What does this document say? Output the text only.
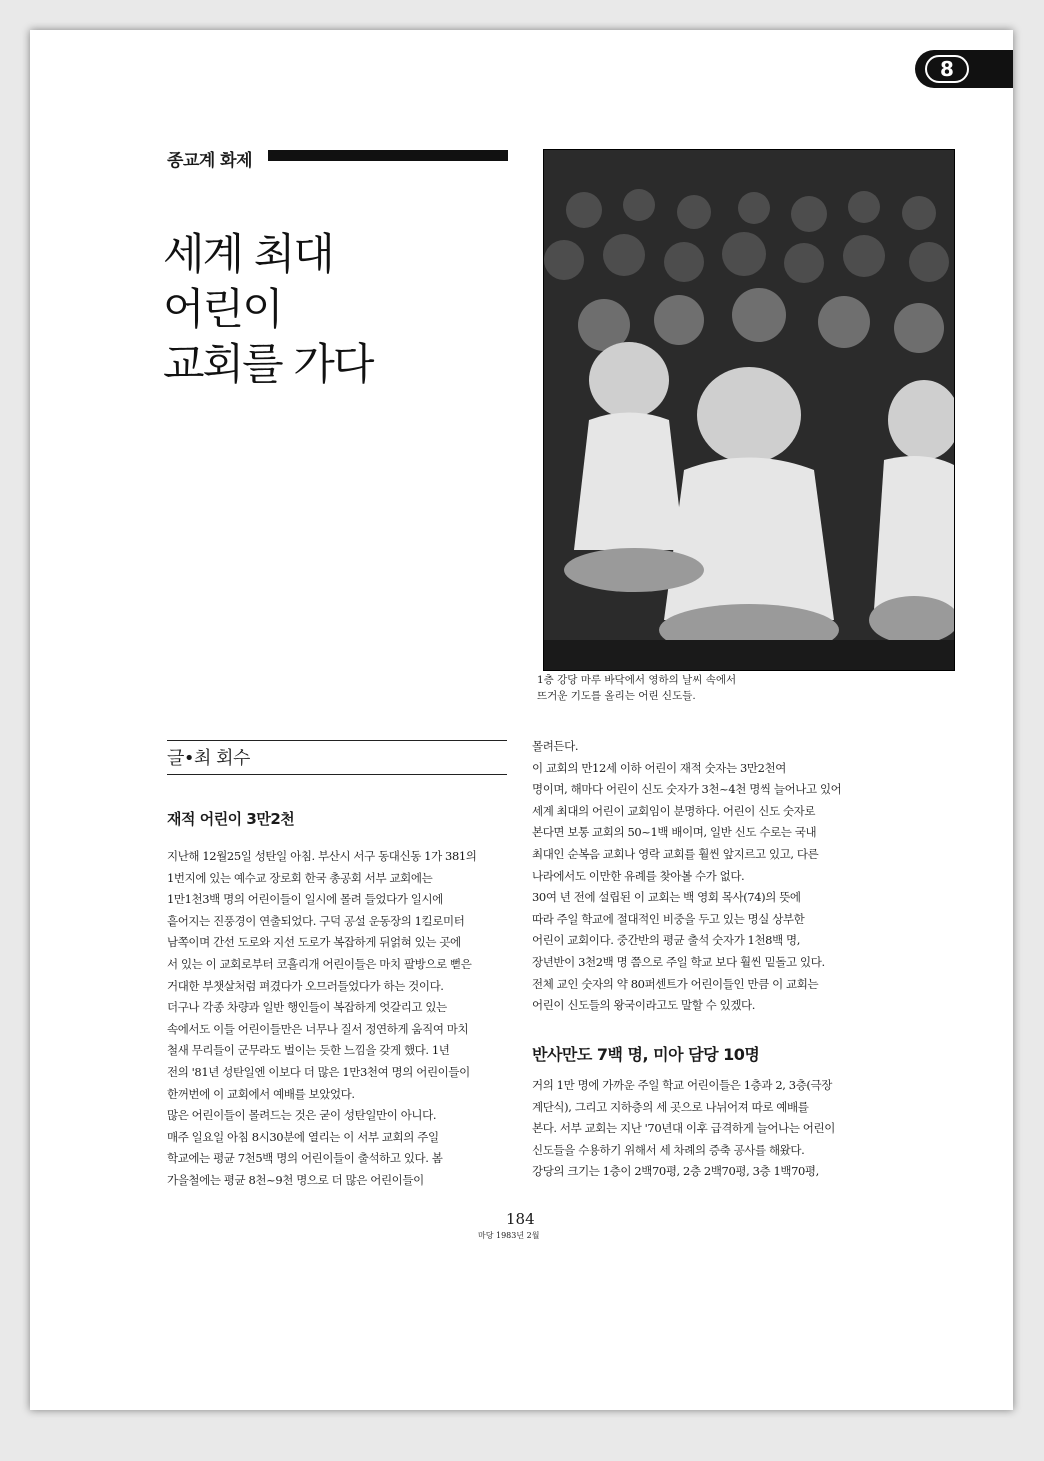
8
종교계 화제
세계 최대
어린이
교회를 가다
1층 강당 마루 바닥에서 영하의 날씨 속에서
뜨거운 기도를 올리는 어린 신도들.
글•최 회수
재적 어린이 3만2천
지난해 12월25일 성탄일 아침. 부산시 서구 동대신동 1가 381의
1번지에 있는 예수교 장로회 한국 총공회 서부 교회에는
1만1천3백 명의 어린이들이 일시에 몰려 들었다가 일시에
흩어지는 진풍경이 연출되었다. 구덕 공설 운동장의 1킬로미터
남쪽이며 간선 도로와 지선 도로가 복잡하게 뒤얽혀 있는 곳에
서 있는 이 교회로부터 코흘리개 어린이들은 마치 팔방으로 뻗은
거대한 부챗살처럼 펴겼다가 오므러들었다가 하는 것이다.
더구나 각종 차량과 일반 행인들이 복잡하게 엇갈리고 있는
속에서도 이들 어린이들만은 너무나 질서 정연하게 움직여 마치
철새 무리들이 군무라도 벌이는 듯한 느낌을 갖게 했다. 1년
전의 '81년 성탄일엔 이보다 더 많은 1만3천여 명의 어린이들이
한꺼번에 이 교회에서 예배를 보았었다.
많은 어린이들이 몰려드는 것은 굳이 성탄일만이 아니다.
매주 일요일 아침 8시30분에 열리는 이 서부 교회의 주일
학교에는 평균 7천5백 명의 어린이들이 출석하고 있다. 봄
가을철에는 평균 8천~9천 명으로 더 많은 어린이들이
몰려든다.
이 교회의 만12세 이하 어린이 재적 숫자는 3만2천여
명이며, 해마다 어린이 신도 숫자가 3천~4천 명씩 늘어나고 있어
세계 최대의 어린이 교회임이 분명하다. 어린이 신도 숫자로
본다면 보통 교회의 50~1백 배이며, 일반 신도 수로는 국내
최대인 순복음 교회나 영락 교회를 훨씬 앞지르고 있고, 다른
나라에서도 이만한 유례를 찾아볼 수가 없다.
30여 년 전에 설립된 이 교회는 백 영회 목사(74)의 뜻에
따라 주일 학교에 절대적인 비중을 두고 있는 명실 상부한
어린이 교회이다. 중간반의 평균 출석 숫자가 1천8백 명,
장년반이 3천2백 명 쯤으로 주일 학교 보다 훨씬 밑돌고 있다.
전체 교인 숫자의 약 80퍼센트가 어린이들인 만큼 이 교회는
어린이 신도들의 왕국이라고도 말할 수 있겠다.
반사만도 7백 명, 미아 담당 10명
거의 1만 명에 가까운 주일 학교 어린이들은 1층과 2, 3층(극장
계단식), 그리고 지하층의 세 곳으로 나뉘어져 따로 예배를
본다. 서부 교회는 지난 '70년대 이후 급격하게 늘어나는 어린이
신도들을 수용하기 위해서 세 차례의 증축 공사를 해왔다.
강당의 크기는 1층이 2백70평, 2층 2백70평, 3층 1백70평,
184
마당 1983년 2월
